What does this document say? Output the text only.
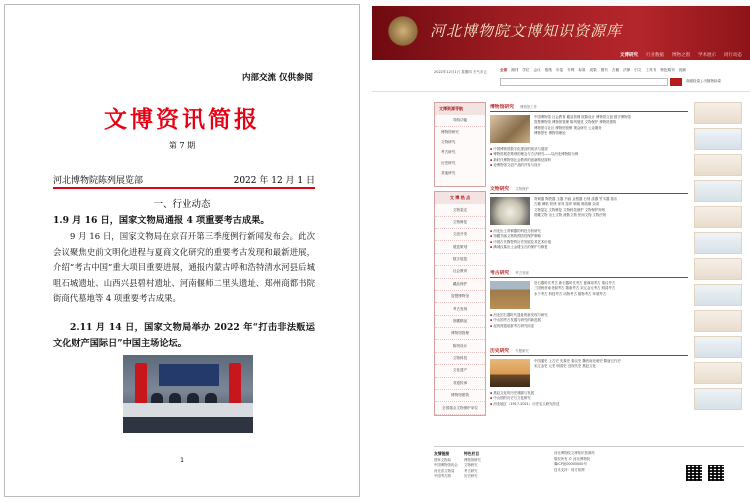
内部交流 仅供参阅
文博资讯简报
第 7 期
河北博物院陈列展览部	2022 年 12 月 1 日
一、行业动态
1.9 月 16 日，国家文物局通报 4 项重要考古成果。
9 月 16 日，国家文物局在京召开第三季度例行新闻发布会。此次会议聚焦史前文明化进程与夏商文化研究的重要考古发现和最新进展，介绍“考古中国”重大项目重要进展，通报内蒙古呼和浩特清水河县后城咀石城遗址、山西兴县碧村遗址、河南偃师二里头遗址、郑州商都书院街商代墓地等 4 项重要考古成果。
2.11 月 14 日，国家文物局举办 2022 年“打击非法贩运文化财产国际日”中国主场论坛。
1
河北博物院文博知识资源库
文博研究 行业数据 博物之窗 学术展示 同行动态
2022年12月1日 星期四 天气多云	全部 期刊 学位 会议 报纸 年鉴 专利 标准 成果 图书 古籍 法律 引文 工具书 特色期刊 视频
高级检索 | 出版物检索
文博资源导航
导航功能
博物馆研究
文物研究
考古研究
历史研究
其他研究
文 博 热 点
文物鉴定
文物修复
文创开发
展览策划
数字展览
社会教育
藏品保护
智慧博物馆
考古发现
馆藏精品
博物馆管理
陈列设计
文物科技
文化遗产
非遗传承
博物馆建筑
全国重点文物保护单位
博物馆研究 博物馆工作
中国博物馆 社会教育 藏品管理 展陈设计 博物馆文创 数字博物馆
智慧博物馆 博物馆管理 陈列展览 文物保护 博物馆建筑
博物馆与社区 博物馆营销 观众研究 公众服务
博物馆史 博物馆理论
▪ 中国博物馆数字化建设的现状与展望
▪ 博物馆展览策划的理念与方法研究——以河北博物院为例
▪ 新时代博物馆社会教育的创新路径探析
▪ 论博物馆文创产品的开发与设计
文物研究 文物保护
青铜器 陶瓷器 玉器 书画 金银器 石刻 漆器 竹木器 钱币
古籍 碑帖 织绣 家具 玺印 铜镜 佛造像 杂项
文物鉴定 文物修复 文物科技保护 文物保护规划
馆藏文物 出土文物 流散文物 民间文物 文物法规
▪ 河北出土青铜器的科技分析研究
▪ 馆藏书画文物的预防性保护策略
▪ 中国古代陶瓷的历史发展及其艺术价值
▪ 满城汉墓出土金缕玉衣的保护与修复
考古研究 考古发现
旧石器时代考古 新石器时代考古 夏商周考古 秦汉考古
三国两晋南北朝考古 隋唐考古 宋辽金元考古 明清考古
水下考古 科技考古 动物考古 植物考古 环境考古
▪ 河北旧石器时代遗址的新发现与研究
▪ 中山国考古发掘与研究的新进展
▪ 泥河湾遗址群考古研究综述
历史研究 专题研究
中国通史 上古史 先秦史 秦汉史 魏晋南北朝史 隋唐五代史
宋辽金史 元史 明清史 近现代史 燕赵文化
▪ 燕赵文化的历史渊源与发展
▪ 中山国的历史与文化研究
▪ 河北地区（1917-2021）历史名人研究综述
友情链接
国家文物局
中国博物馆协会
河北省文物局
中国考古网
特色栏目
博物馆研究
文物研究
考古研究
历史研究
河北博物院文博知识资源库
版权所有 © 河北博物院
冀ICP备00000000号
技术支持：同方知网
